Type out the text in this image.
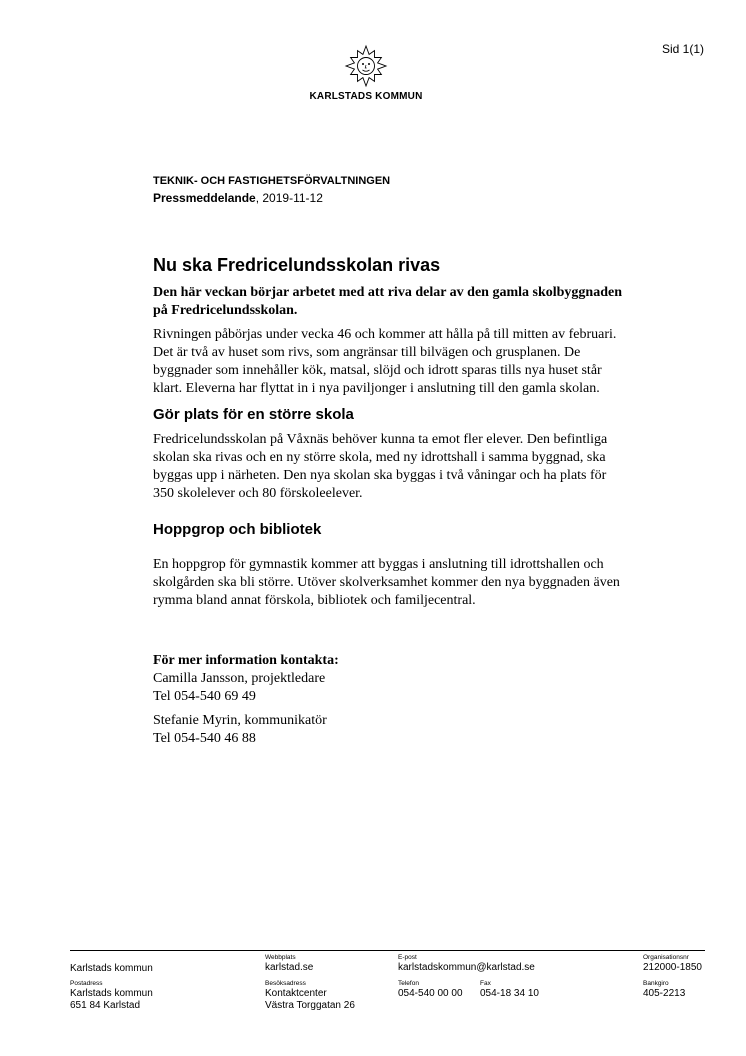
Sid 1(1)
KARLSTADS KOMMUN
TEKNIK- OCH FASTIGHETSFÖRVALTNINGEN
Pressmeddelande, 2019-11-12
Nu ska Fredricelundsskolan rivas

Den här veckan börjar arbetet med att riva delar av den gamla skolbyggnaden på Fredricelundsskolan.

Rivningen påbörjas under vecka 46 och kommer att hålla på till mitten av februari. Det är två av huset som rivs, som angränsar till bilvägen och grusplanen. De byggnader som innehåller kök, matsal, slöjd och idrott sparas tills nya huset står klart. Eleverna har flyttat in i nya paviljonger i anslutning till den gamla skolan.

Gör plats för en större skola

Fredricelundsskolan på Våxnäs behöver kunna ta emot fler elever. Den befintliga skolan ska rivas och en ny större skola, med ny idrottshall i samma byggnad, ska byggas upp i närheten. Den nya skolan ska byggas i två våningar och ha plats för 350 skolelever och 80 förskoleelever.

Hoppgrop och bibliotek

En hoppgrop för gymnastik kommer att byggas i anslutning till idrottshallen och skolgården ska bli större. Utöver skolverksamhet kommer den nya byggnaden även rymma bland annat förskola, bibliotek och familjecentral.

För mer information kontakta:

Camilla Jansson, projektledare

Tel 054-540 69 49

Stefanie Myrin, kommunikatör

Tel 054-540 46 88

Karlstads kommun
Webbplats
karlstad.se
E-post
karlstadskommun@karlstad.se
Organisationsnr
212000-1850
Postadress
Karlstads kommun
651 84 Karlstad
Besöksadress
Kontaktcenter
Västra Torggatan 26
Telefon
054-540 00 00
Fax
054-18 34 10
Bankgiro
405-2213
